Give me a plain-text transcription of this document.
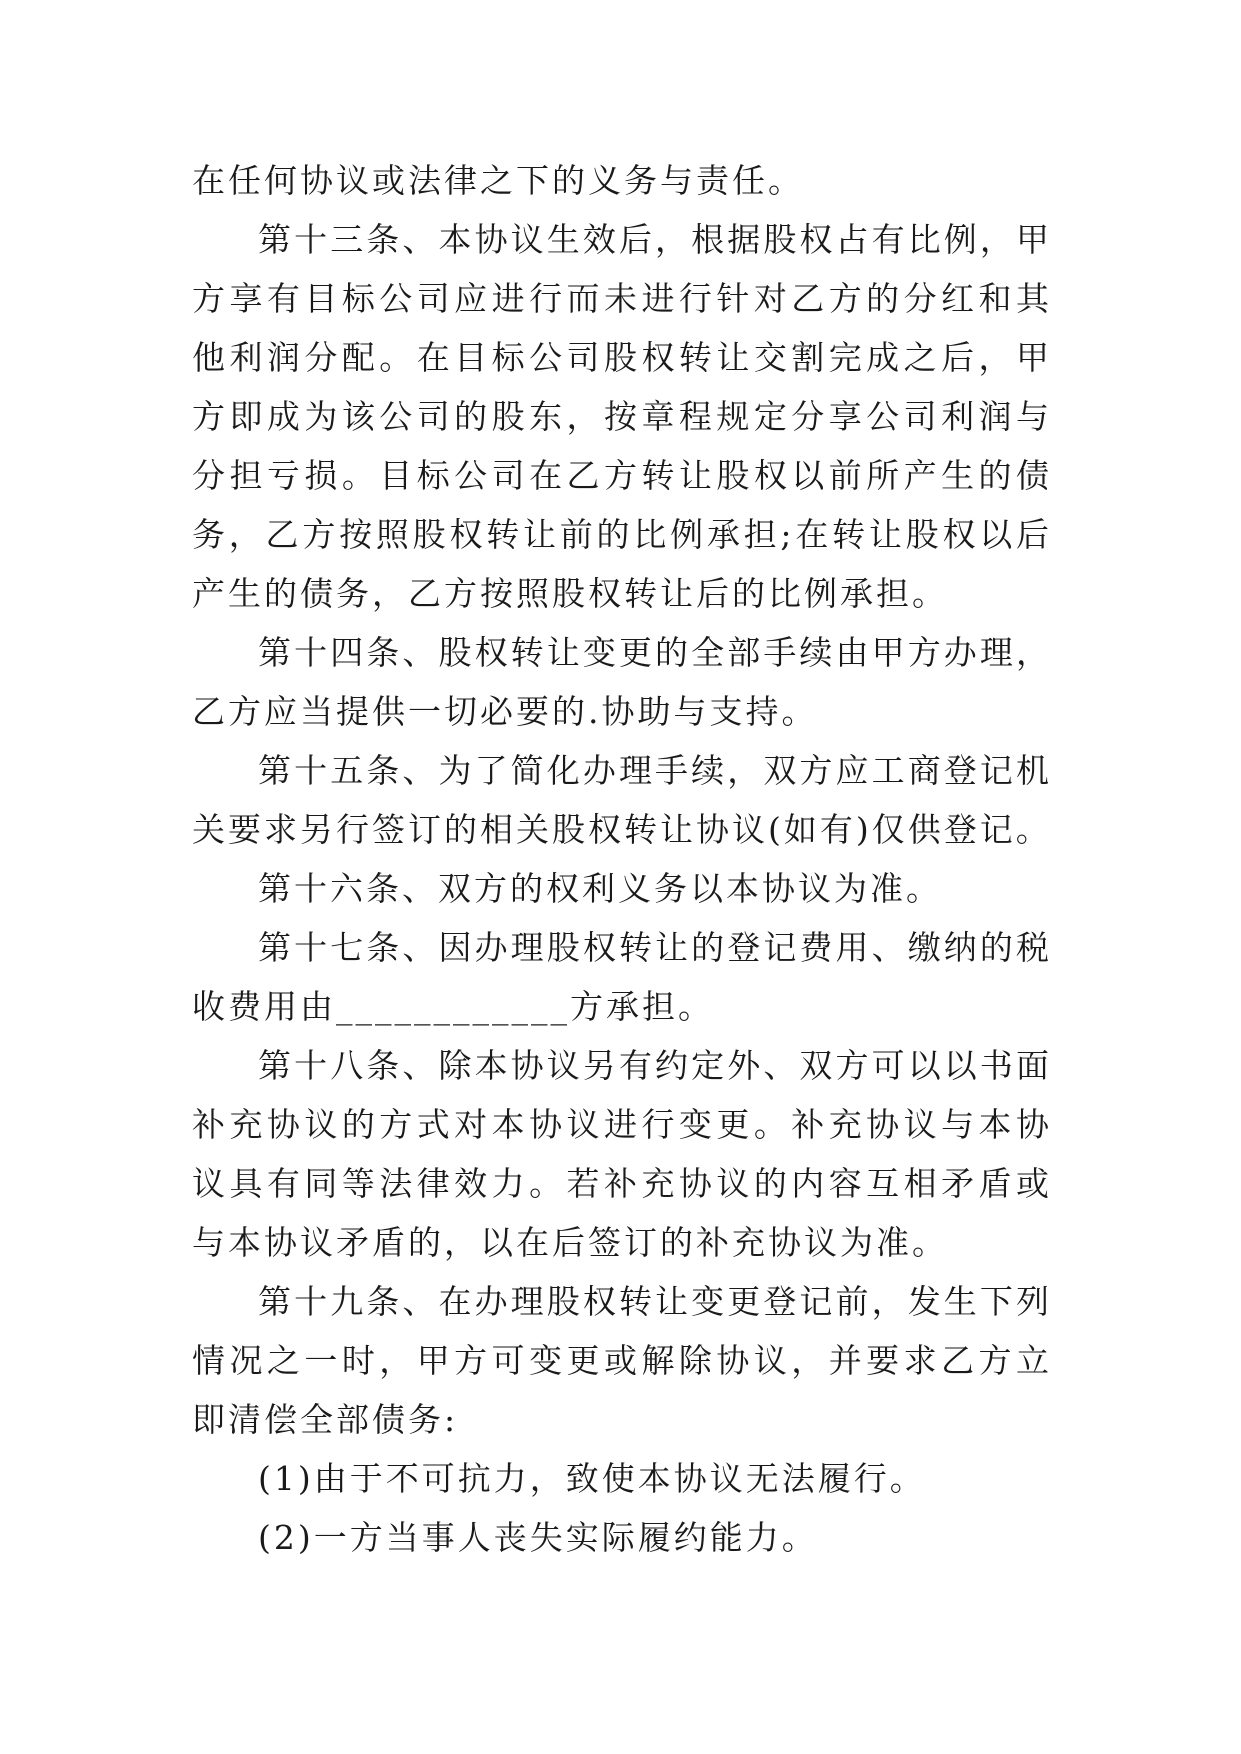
在任何协议或法律之下的义务与责任。

第十三条、本协议生效后，根据股权占有比例，甲方享有目标公司应进行而未进行针对乙方的分红和其他利润分配。在目标公司股权转让交割完成之后，甲方即成为该公司的股东，按章程规定分享公司利润与分担亏损。目标公司在乙方转让股权以前所产生的债务，乙方按照股权转让前的比例承担;在转让股权以后产生的债务，乙方按照股权转让后的比例承担。

第十四条、股权转让变更的全部手续由甲方办理，乙方应当提供一切必要的.协助与支持。

第十五条、为了简化办理手续，双方应工商登记机关要求另行签订的相关股权转让协议(如有)仅供登记。

第十六条、双方的权利义务以本协议为准。

第十七条、因办理股权转让的登记费用、缴纳的税收费用由____________方承担。

第十八条、除本协议另有约定外、双方可以以书面补充协议的方式对本协议进行变更。补充协议与本协议具有同等法律效力。若补充协议的内容互相矛盾或与本协议矛盾的，以在后签订的补充协议为准。

第十九条、在办理股权转让变更登记前，发生下列情况之一时，甲方可变更或解除协议，并要求乙方立即清偿全部债务:

(1)由于不可抗力，致使本协议无法履行。

(2)一方当事人丧失实际履约能力。
